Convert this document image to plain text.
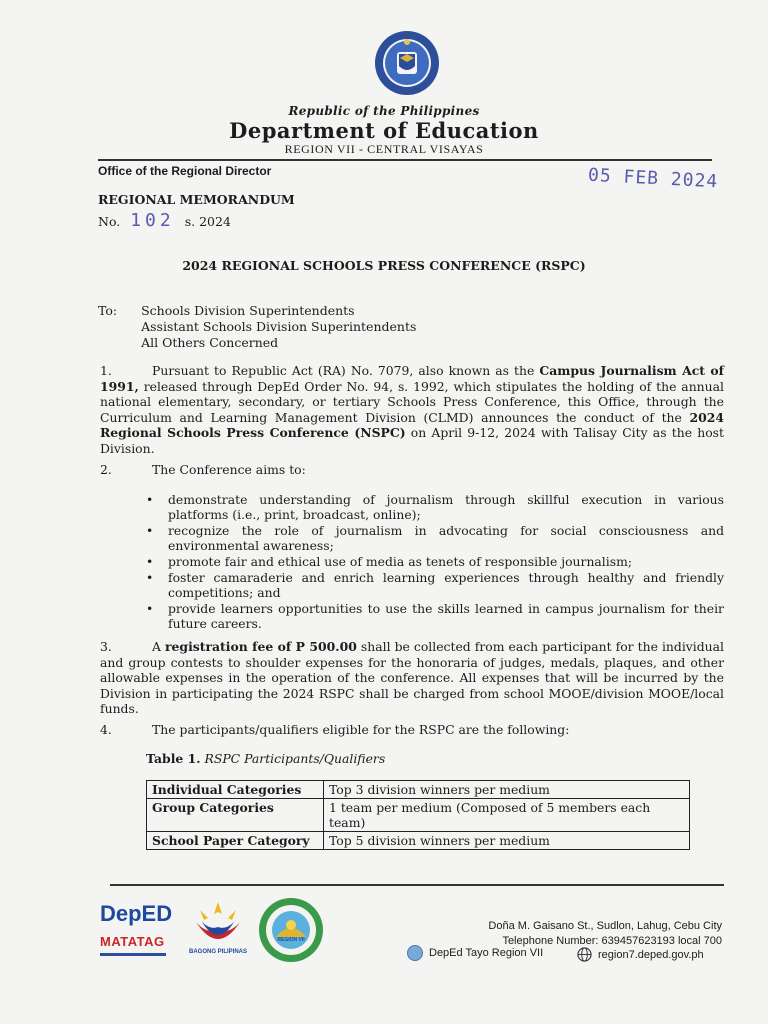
Republic of the Philippines
Department of Education
REGION VII - CENTRAL VISAYAS
Office of the Regional Director	05 FEB 2024
REGIONAL MEMORANDUM
No. 102 s. 2024
2024 REGIONAL SCHOOLS PRESS CONFERENCE (RSPC)
To: Schools Division Superintendents
Assistant Schools Division Superintendents
All Others Concerned
1.	Pursuant to Republic Act (RA) No. 7079, also known as the Campus Journalism Act of 1991, released through DepEd Order No. 94, s. 1992, which stipulates the holding of the annual national elementary, secondary, or tertiary Schools Press Conference, this Office, through the Curriculum and Learning Management Division (CLMD) announces the conduct of the 2024 Regional Schools Press Conference (NSPC) on April 9-12, 2024 with Talisay City as the host Division.
2.	The Conference aims to:
• demonstrate understanding of journalism through skillful execution in various platforms (i.e., print, broadcast, online);
• recognize the role of journalism in advocating for social consciousness and environmental awareness;
• promote fair and ethical use of media as tenets of responsible journalism;
• foster camaraderie and enrich learning experiences through healthy and friendly competitions; and
• provide learners opportunities to use the skills learned in campus journalism for their future careers.
3.	A registration fee of P 500.00 shall be collected from each participant for the individual and group contests to shoulder expenses for the honoraria of judges, medals, plaques, and other allowable expenses in the operation of the conference. All expenses that will be incurred by the Division in participating the 2024 RSPC shall be charged from school MOOE/division MOOE/local funds.
4.	The participants/qualifiers eligible for the RSPC are the following:
Table 1. RSPC Participants/Qualifiers
Individual Categories	Top 3 division winners per medium
Group Categories	1 team per medium (Composed of 5 members each team)
School Paper Category	Top 5 division winners per medium
DepED
MATATAG
BAGONG PILIPINAS
REGION VII
Doña M. Gaisano St., Sudlon, Lahug, Cebu City
Telephone Number: 639457623193 local 700
DepEd Tayo Region VII	region7.deped.gov.ph
